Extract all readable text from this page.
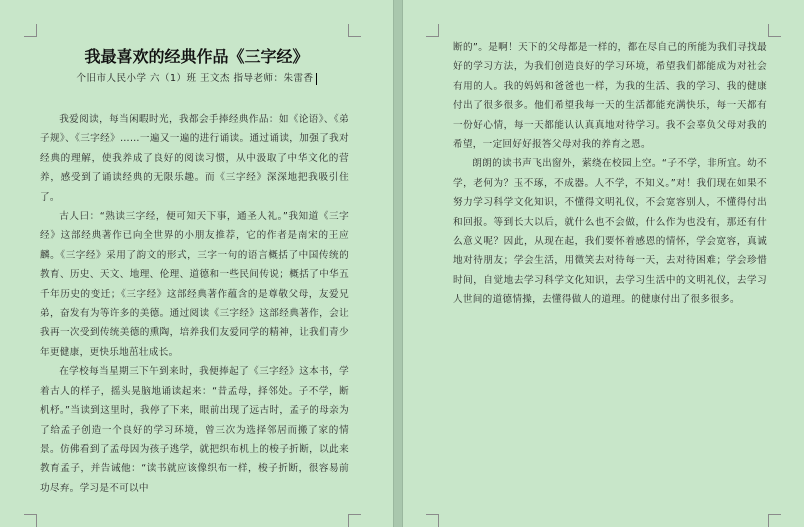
我最喜欢的经典作品《三字经》
个旧市人民小学 六（1）班 王文杰 指导老师：朱雷香

我爱阅读，每当闲暇时光，我都会手捧经典作品：如《论语》、《弟子规》、《三字经》……一遍又一遍的进行诵读。通过诵读，加强了我对经典的理解，使我养成了良好的阅读习惯，从中汲取了中华文化的营养，感受到了诵读经典的无限乐趣。而《三字经》深深地把我吸引住了。

古人曰：“熟读三字经，便可知天下事，通圣人礼。”我知道《三字经》这部经典著作已向全世界的小朋友推荐，它的作者是南宋的王应麟。《三字经》采用了韵文的形式，三字一句的语言概括了中国传统的教育、历史、天文、地理、伦理、道德和一些民间传说；概括了中华五千年历史的变迁；《三字经》这部经典著作蕴含的是尊敬父母，友爱兄弟，奋发有为等许多的美德。通过阅读《三字经》这部经典著作，会让我再一次受到传统美德的熏陶，培养我们友爱同学的精神，让我们青少年更健康，更快乐地茁壮成长。

在学校每当星期三下午到来时，我便捧起了《三字经》这本书，学着古人的样子，摇头晃脑地诵读起来：“昔孟母，择邻处。子不学，断机杼。”当读到这里时，我停了下来，眼前出现了远古时，孟子的母亲为了给孟子创造一个良好的学习环境，曾三次为选择邻居而搬了家的情景。仿佛看到了孟母因为孩子逃学，就把织布机上的梭子折断，以此来教育孟子，并告诫他：“读书就应该像织布一样，梭子折断，很容易前功尽弃。学习是不可以中

断的”。是啊！天下的父母都是一样的，都在尽自己的所能为我们寻找最好的学习方法，为我们创造良好的学习环境，希望我们都能成为对社会有用的人。我的妈妈和爸爸也一样，为我的生活、我的学习、我的健康付出了很多很多。他们希望我每一天的生活都能充满快乐，每一天都有一份好心情，每一天都能认认真真地对待学习。我不会辜负父母对我的希望，一定回好好报答父母对我的养育之恩。

朗朗的读书声飞出窗外，萦绕在校园上空。“子不学，非所宜。幼不学，老何为？玉不琢，不成器。人不学，不知义。”对！我们现在如果不努力学习科学文化知识，不懂得文明礼仪，不会宽容别人，不懂得付出和回报。等到长大以后，就什么也不会做，什么作为也没有，那还有什么意义呢？因此，从现在起，我们要怀着感恩的情怀，学会宽容，真诚地对待朋友；学会生活，用微笑去对待每一天，去对待困难；学会珍惜时间，自觉地去学习科学文化知识，去学习生活中的文明礼仪，去学习人世间的道德情操，去懂得做人的道理。的健康付出了很多很多。
